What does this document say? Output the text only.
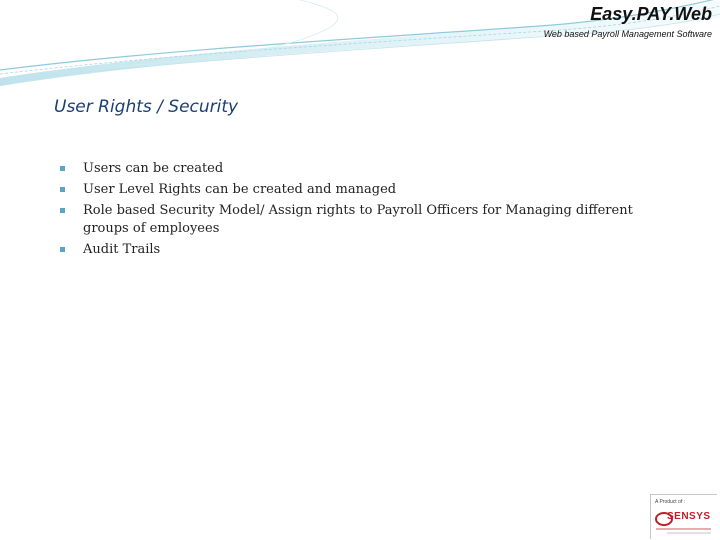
Easy.PAY.Web
Web based Payroll Management Software
User Rights / Security
Users can be created
User Level Rights can be created and managed
Role based Security Model/ Assign rights to Payroll Officers for Managing different groups of employees
Audit Trails
A Product of :
SENSYS
